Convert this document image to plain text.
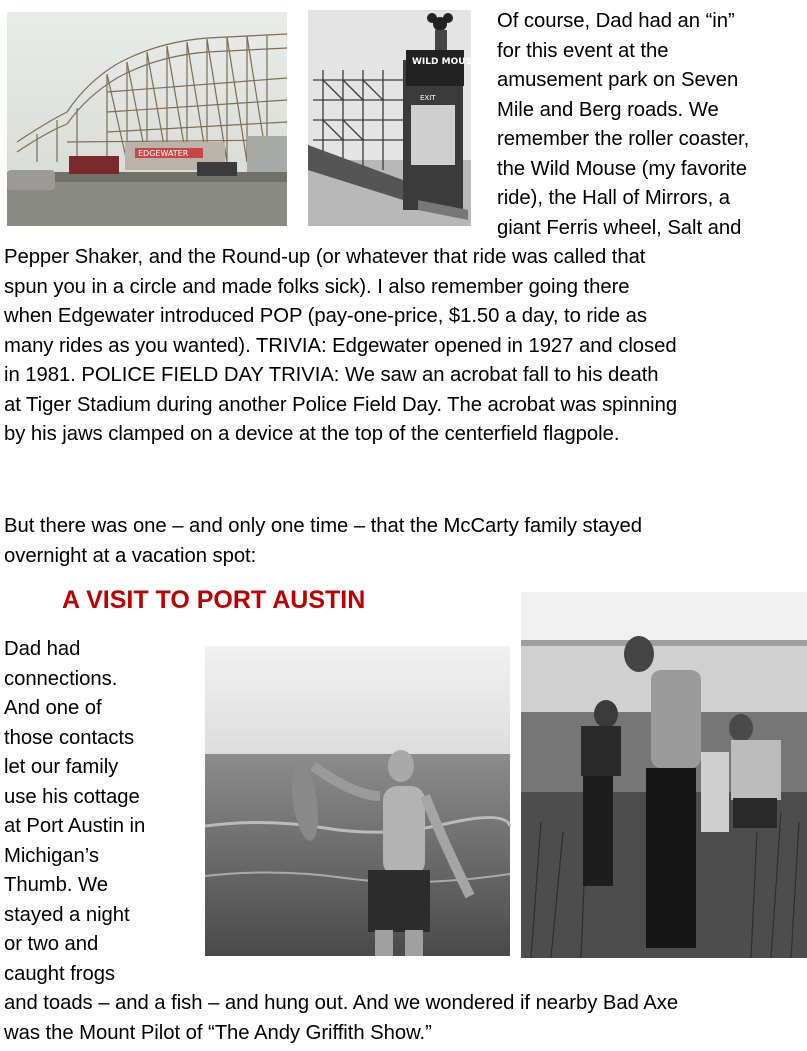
EDGEWATER
WILD MOUSE
EXIT
Of course, Dad had an “in”
for this event at the
amusement park on Seven
Mile and Berg roads. We
remember the roller coaster,
the Wild Mouse (my favorite
ride), the Hall of Mirrors, a
giant Ferris wheel, Salt and
Pepper Shaker, and the Round-up (or whatever that ride was called that
spun you in a circle and made folks sick). I also remember going there
when Edgewater introduced POP (pay-one-price, $1.50 a day, to ride as
many rides as you wanted). TRIVIA: Edgewater opened in 1927 and closed
in 1981. POLICE FIELD DAY TRIVIA: We saw an acrobat fall to his death
at Tiger Stadium during another Police Field Day. The acrobat was spinning
by his jaws clamped on a device at the top of the centerfield flagpole.
But there was one – and only one time – that the McCarty family stayed
overnight at a vacation spot:
A VISIT TO PORT AUSTIN
Dad had
connections.
And one of
those contacts
let our family
use his cottage
at Port Austin in
Michigan’s
Thumb. We
stayed a night
or two and
caught frogs
and toads – and a fish – and hung out. And we wondered if nearby Bad Axe
was the Mount Pilot of “The Andy Griffith Show.”
